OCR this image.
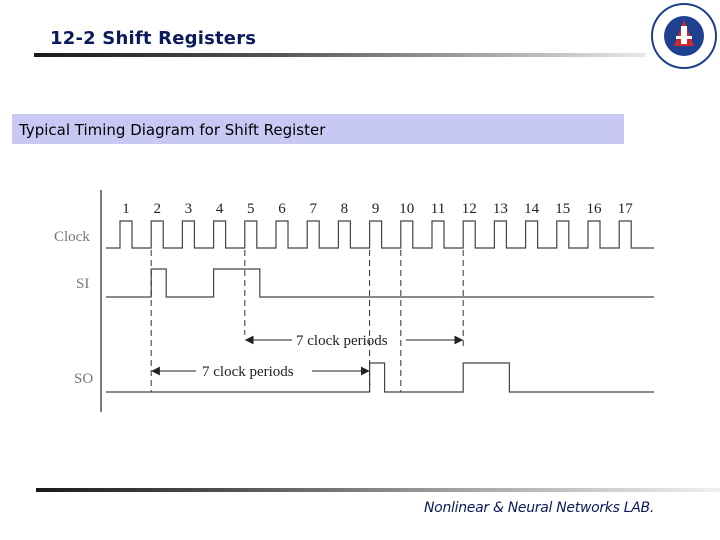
12-2 Shift Registers
Typical Timing Diagram for Shift Register
1 2 3 4 5 6 7 8 9 10 11 12 13 14 15 16 17
Clock
SI
SO
7 clock periods
7 clock periods
Nonlinear & Neural Networks LAB.
